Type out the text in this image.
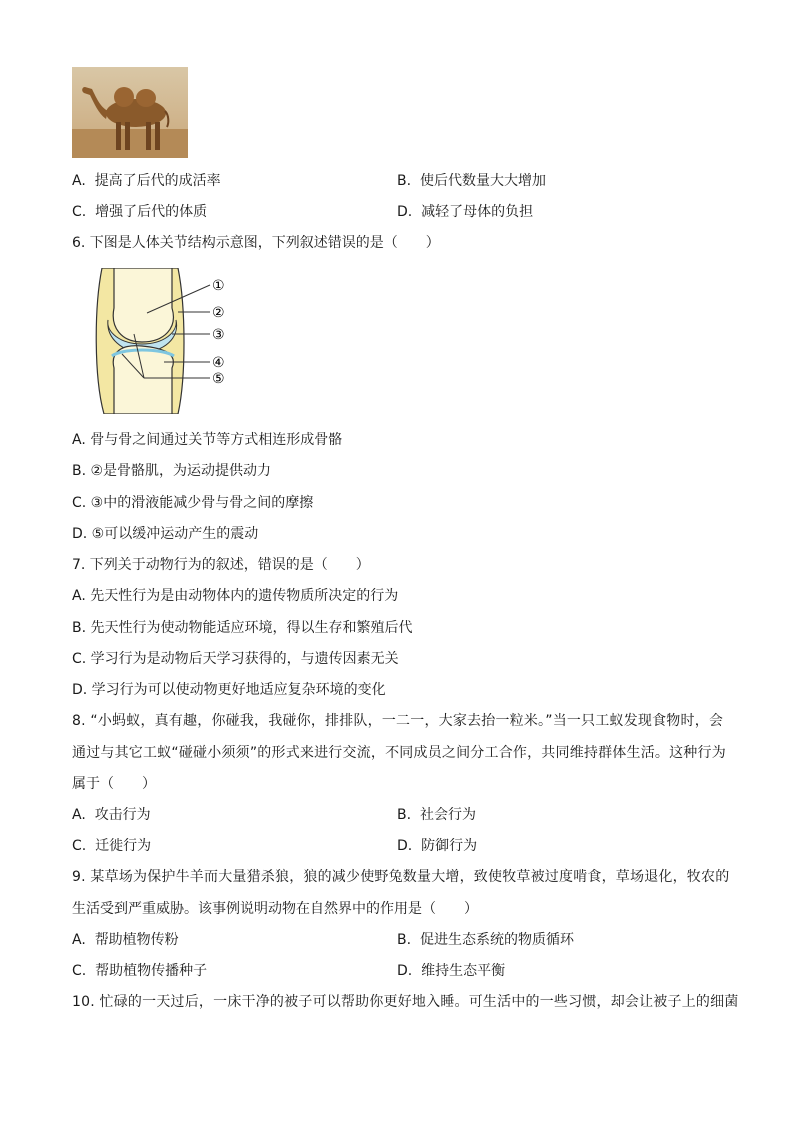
A. 提高了后代的成活率	B. 使后代数量大大增加
C. 增强了后代的体质	D. 减轻了母体的负担
6. 下图是人体关节结构示意图，下列叙述错误的是（　　）
①
②
③
④
⑤
A. 骨与骨之间通过关节等方式相连形成骨骼
B. ②是骨骼肌，为运动提供动力
C. ③中的滑液能减少骨与骨之间的摩擦
D. ⑤可以缓冲运动产生的震动
7. 下列关于动物行为的叙述，错误的是（　　）
A. 先天性行为是由动物体内的遗传物质所决定的行为
B. 先天性行为使动物能适应环境，得以生存和繁殖后代
C. 学习行为是动物后天学习获得的，与遗传因素无关
D. 学习行为可以使动物更好地适应复杂环境的变化
8. “小蚂蚁，真有趣，你碰我，我碰你，排排队，一二一，大家去抬一粒米。”当一只工蚁发现食物时，会
通过与其它工蚁“碰碰小须须”的形式来进行交流，不同成员之间分工合作，共同维持群体生活。这种行为
属于（　　）
A. 攻击行为	B. 社会行为
C. 迁徙行为	D. 防御行为
9. 某草场为保护牛羊而大量猎杀狼，狼的减少使野兔数量大增，致使牧草被过度啃食，草场退化，牧农的
生活受到严重威胁。该事例说明动物在自然界中的作用是（　　）
A. 帮助植物传粉	B. 促进生态系统的物质循环
C. 帮助植物传播种子	D. 维持生态平衡
10. 忙碌的一天过后，一床干净的被子可以帮助你更好地入睡。可生活中的一些习惯，却会让被子上的细菌
